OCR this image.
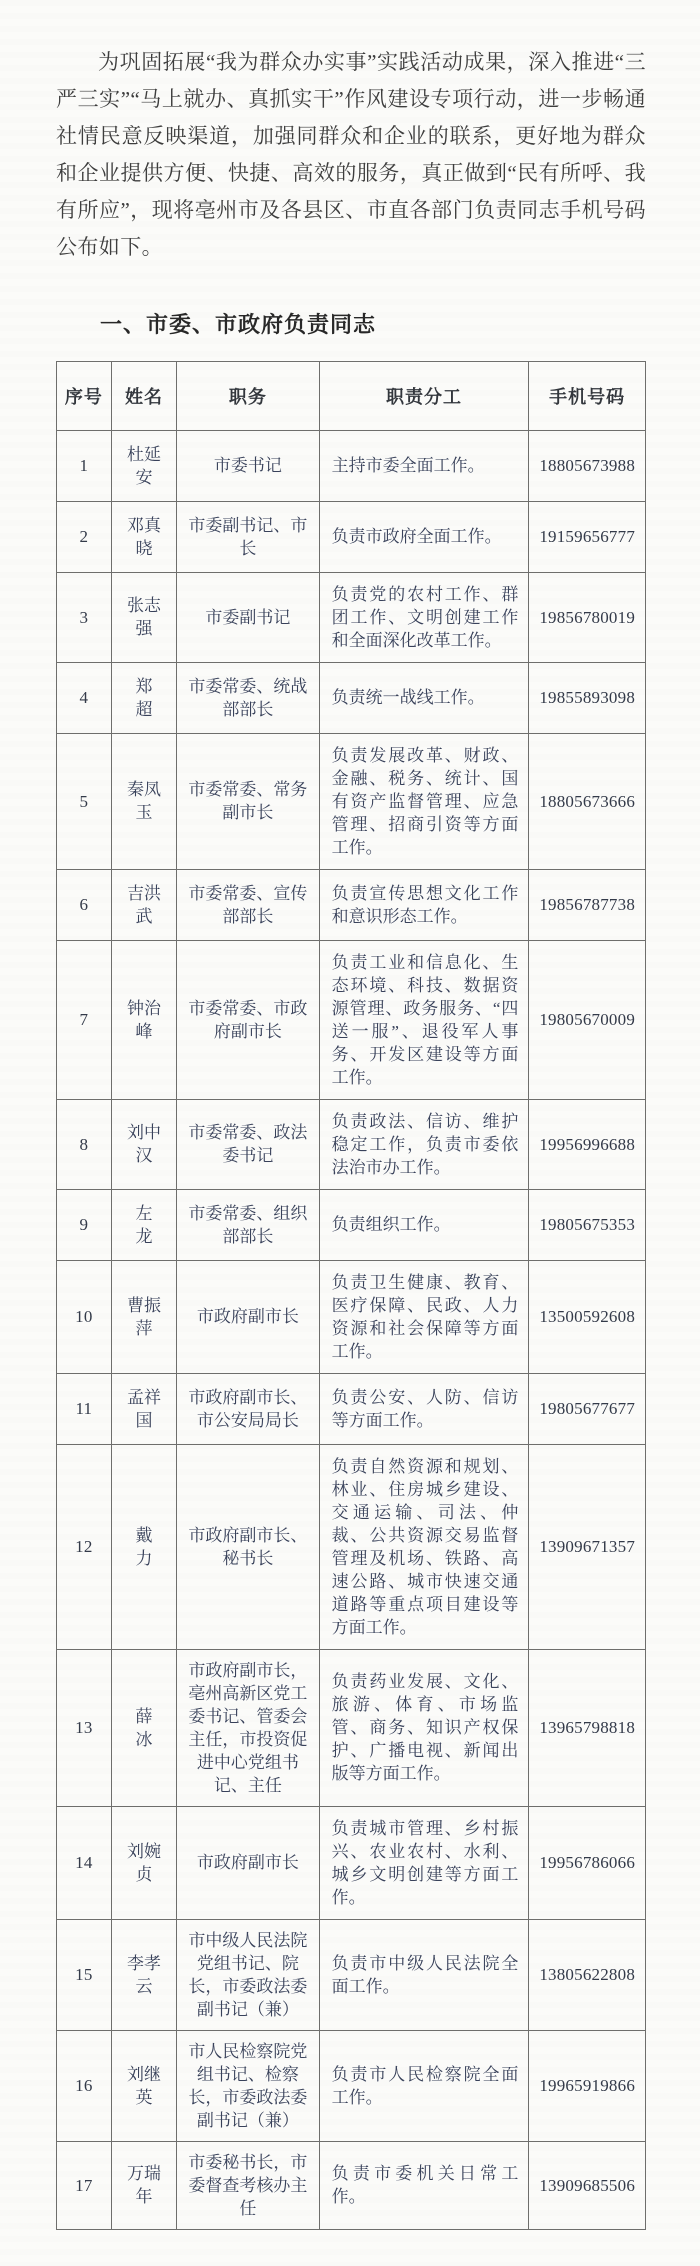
为巩固拓展“我为群众办实事”实践活动成果，深入推进“三严三实”“马上就办、真抓实干”作风建设专项行动，进一步畅通社情民意反映渠道，加强同群众和企业的联系，更好地为群众和企业提供方便、快捷、高效的服务，真正做到“民有所呼、我有所应”，现将亳州市及各县区、市直各部门负责同志手机号码公布如下。

一、市委、市政府负责同志
序号	姓名	职务	职责分工	手机号码
1	杜延安	市委书记	主持市委全面工作。	18805673988
2	邓真晓	市委副书记、市长	负责市政府全面工作。	19159656777
3	张志强	市委副书记	负责党的农村工作、群团工作、文明创建工作和全面深化改革工作。	19856780019
4	郑　超	市委常委、统战部部长	负责统一战线工作。	19855893098
5	秦凤玉	市委常委、常务副市长	负责发展改革、财政、金融、税务、统计、国有资产监督管理、应急管理、招商引资等方面工作。	18805673666
6	吉洪武	市委常委、宣传部部长	负责宣传思想文化工作和意识形态工作。	19856787738
7	钟治峰	市委常委、市政府副市长	负责工业和信息化、生态环境、科技、数据资源管理、政务服务、“四送一服”、退役军人事务、开发区建设等方面工作。	19805670009
8	刘中汉	市委常委、政法委书记	负责政法、信访、维护稳定工作，负责市委依法治市办工作。	19956996688
9	左　龙	市委常委、组织部部长	负责组织工作。	19805675353
10	曹振萍	市政府副市长	负责卫生健康、教育、医疗保障、民政、人力资源和社会保障等方面工作。	13500592608
11	孟祥国	市政府副市长、市公安局局长	负责公安、人防、信访等方面工作。	19805677677
12	戴　力	市政府副市长、秘书长	负责自然资源和规划、林业、住房城乡建设、交通运输、司法、仲裁、公共资源交易监督管理及机场、铁路、高速公路、城市快速交通道路等重点项目建设等方面工作。	13909671357
13	薛　冰	市政府副市长，亳州高新区党工委书记、管委会主任，市投资促进中心党组书记、主任	负责药业发展、文化、旅游、体育、市场监管、商务、知识产权保护、广播电视、新闻出版等方面工作。	13965798818
14	刘婉贞	市政府副市长	负责城市管理、乡村振兴、农业农村、水利、城乡文明创建等方面工作。	19956786066
15	李孝云	市中级人民法院党组书记、院长，市委政法委副书记（兼）	负责市中级人民法院全面工作。	13805622808
16	刘继英	市人民检察院党组书记、检察长，市委政法委副书记（兼）	负责市人民检察院全面工作。	19965919866
17	万瑞年	市委秘书长，市委督查考核办主任	负责市委机关日常工作。	13909685506
